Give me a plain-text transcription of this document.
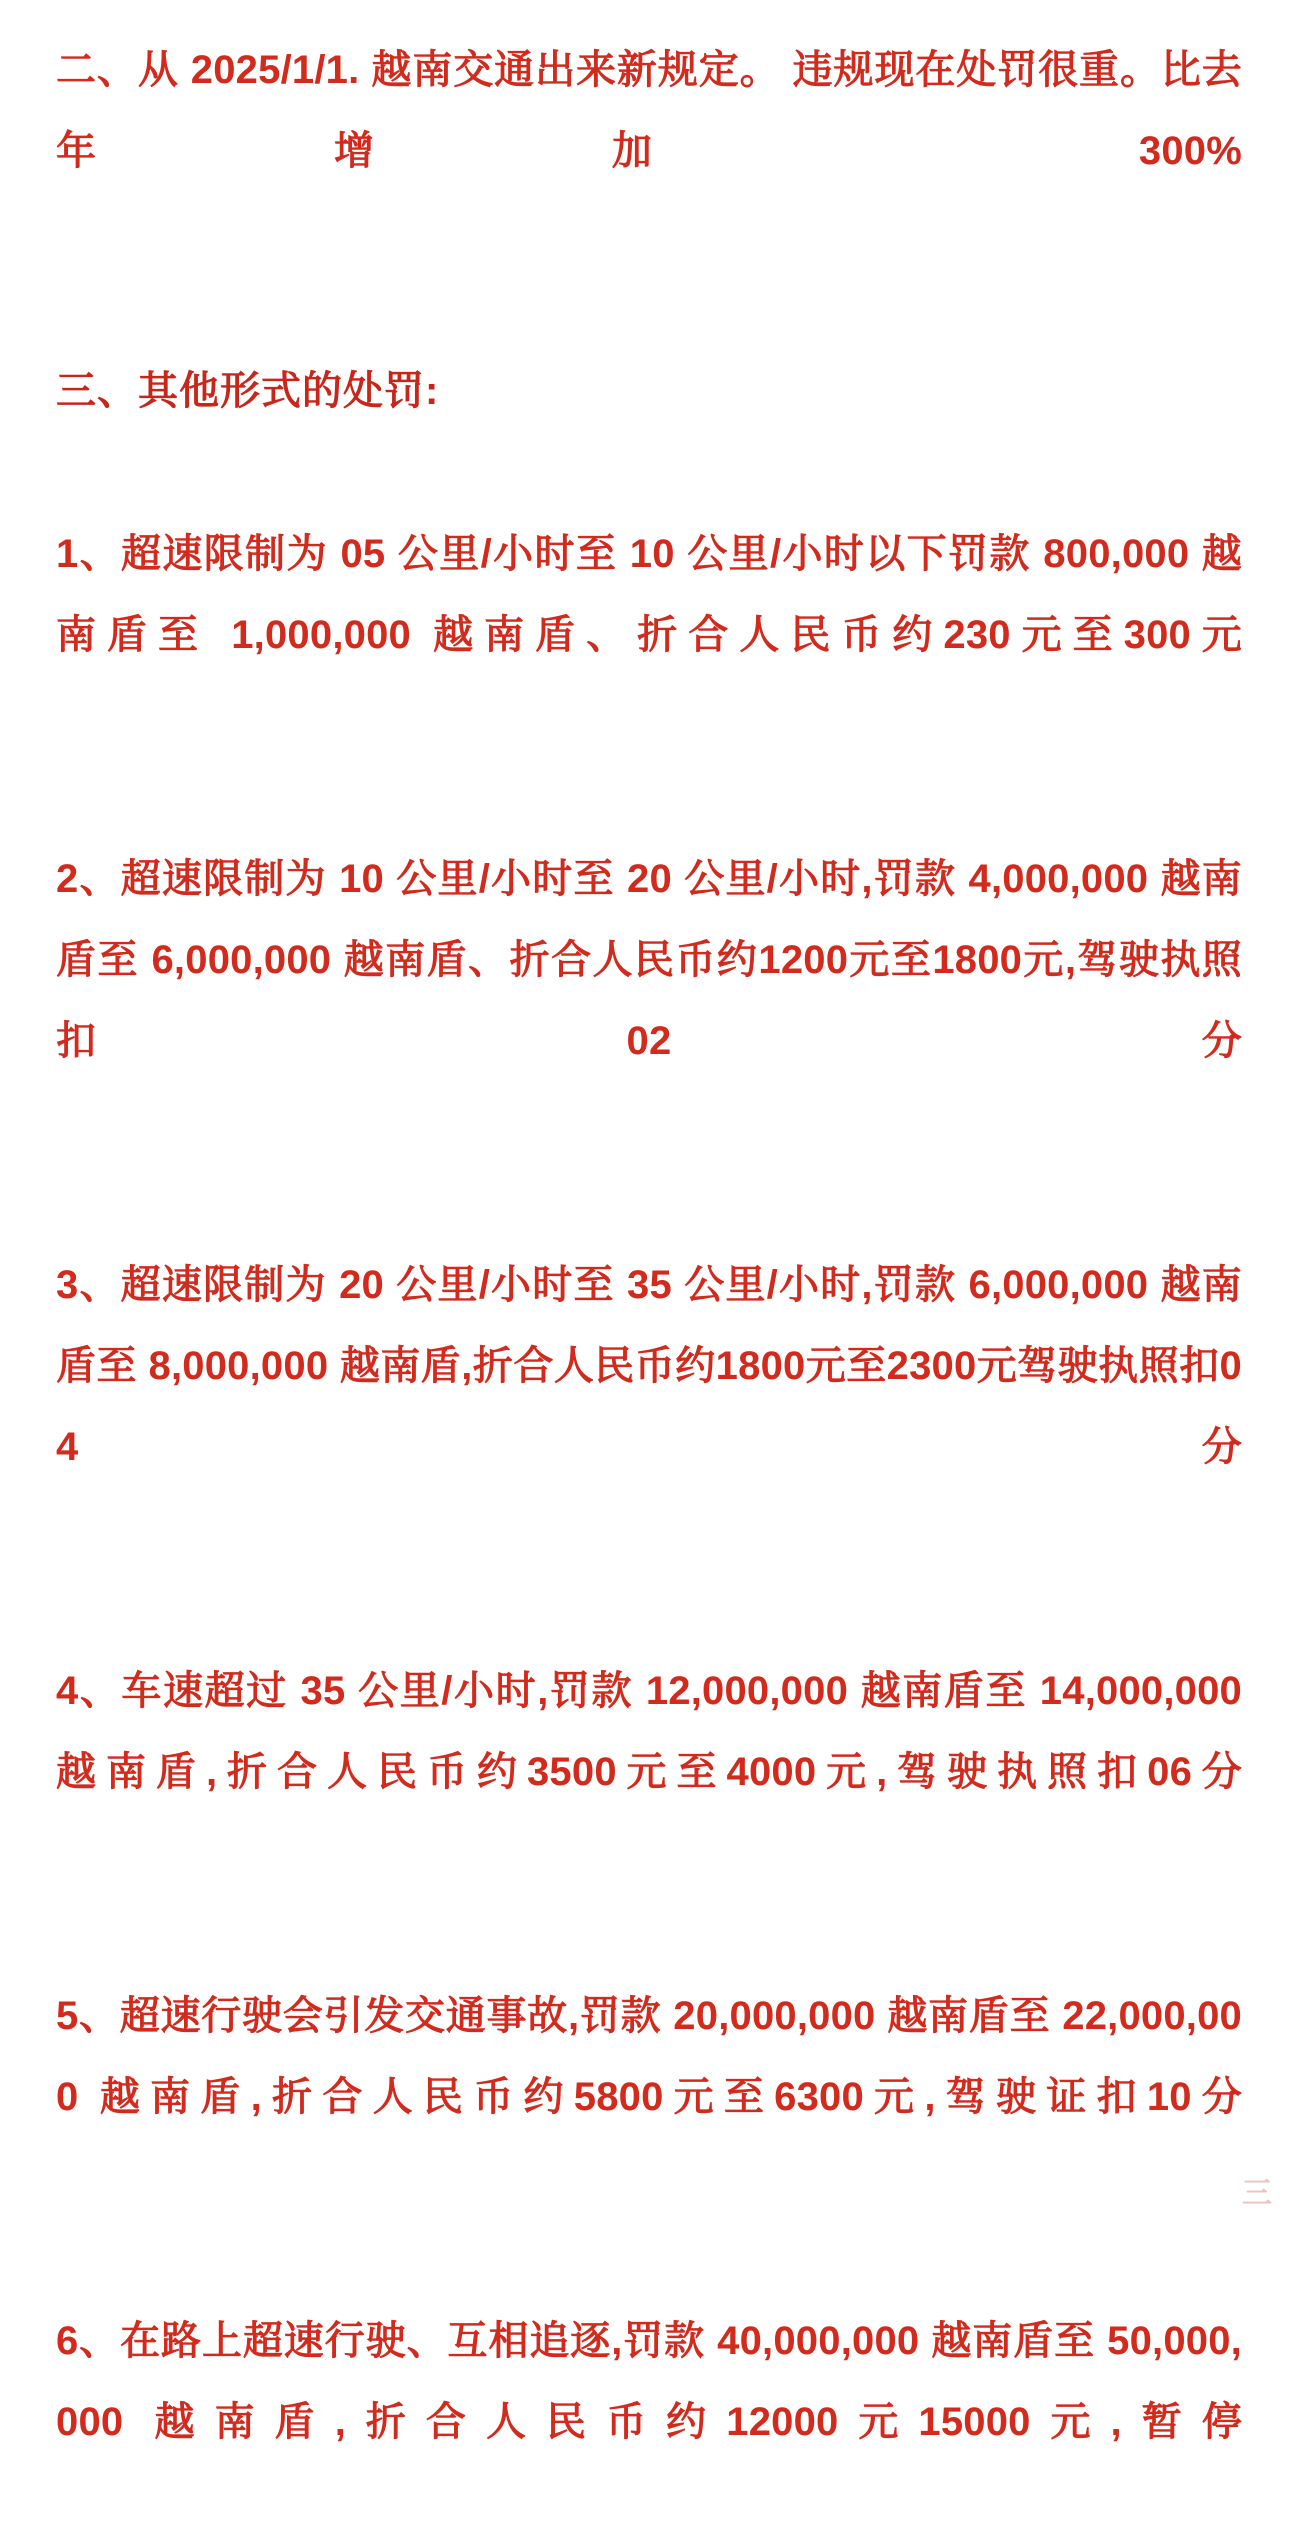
二、从 2025/1/1. 越南交通出来新规定。 违规现在处罚很重。比去年增加 300%

三、其他形式的处罚:

1、超速限制为 05 公里/小时至 10 公里/小时以下罚款 800,000 越南盾至 1,000,000 越南盾、折合人民币约230元至300元

2、超速限制为 10 公里/小时至 20 公里/小时,罚款 4,000,000 越南盾至 6,000,000 越南盾、折合人民币约1200元至1800元,驾驶执照扣02分

3、超速限制为 20 公里/小时至 35 公里/小时,罚款 6,000,000 越南盾至 8,000,000 越南盾,折合人民币约1800元至2300元驾驶执照扣04分

4、车速超过 35 公里/小时,罚款 12,000,000 越南盾至 14,000,000 越南盾,折合人民币约3500元至4000元,驾驶执照扣06分

5、超速行驶会引发交通事故,罚款 20,000,000 越南盾至 22,000,000 越南盾,折合人民币约5800元至6300元,驾驶证扣10分

6、在路上超速行驶、互相追逐,罚款 40,000,000 越南盾至 50,000,000 越南盾,折合人民币约12000元15000元,暂停

三
